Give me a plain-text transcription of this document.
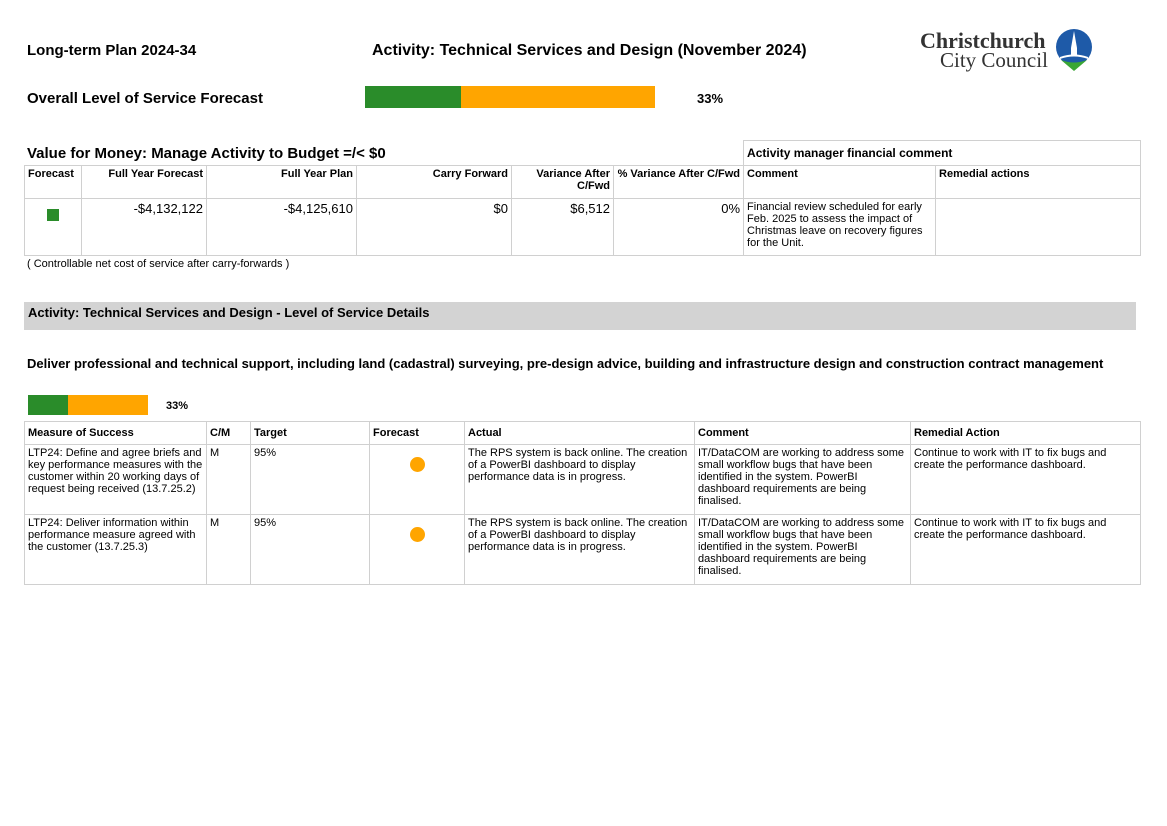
Long-term Plan 2024-34	Activity: Technical Services and Design (November 2024)	Christchurch
City Council
Overall Level of Service Forecast	33%
Value for Money: Manage Activity to Budget =/< $0
						Activity manager financial comment	
Forecast	Full Year Forecast	Full Year Plan	Carry Forward	Variance After C/Fwd	% Variance After C/Fwd	Comment	Remedial actions

	-$4,132,122	-$4,125,610	$0	$6,512	0%	Financial review scheduled for early Feb. 2025 to assess the impact of Christmas leave on recovery figures for the Unit.	
( Controllable net cost of service after carry-forwards )
Activity: Technical Services and Design - Level of Service Details
Deliver professional and technical support, including land (cadastral) surveying, pre-design advice, building and infrastructure design and construction contract management
33%
Measure of Success	C/M	Target	Forecast	Actual	Comment	Remedial Action
LTP24: Define and agree briefs and key performance measures with the customer within 20 working days of request being received (13.7.25.2)	M	95%		The RPS system is back online. The creation of a PowerBI dashboard to display performance data is in progress.	IT/DataCOM are working to address some small workflow bugs that have been identified in the system. PowerBI dashboard requirements are being finalised.	Continue to work with IT to fix bugs and create the performance dashboard.
LTP24: Deliver information within performance measure agreed with the customer (13.7.25.3)	M	95%		The RPS system is back online. The creation of a PowerBI dashboard to display performance data is in progress.	IT/DataCOM are working to address some small workflow bugs that have been identified in the system. PowerBI dashboard requirements are being finalised.	Continue to work with IT to fix bugs and create the performance dashboard.
